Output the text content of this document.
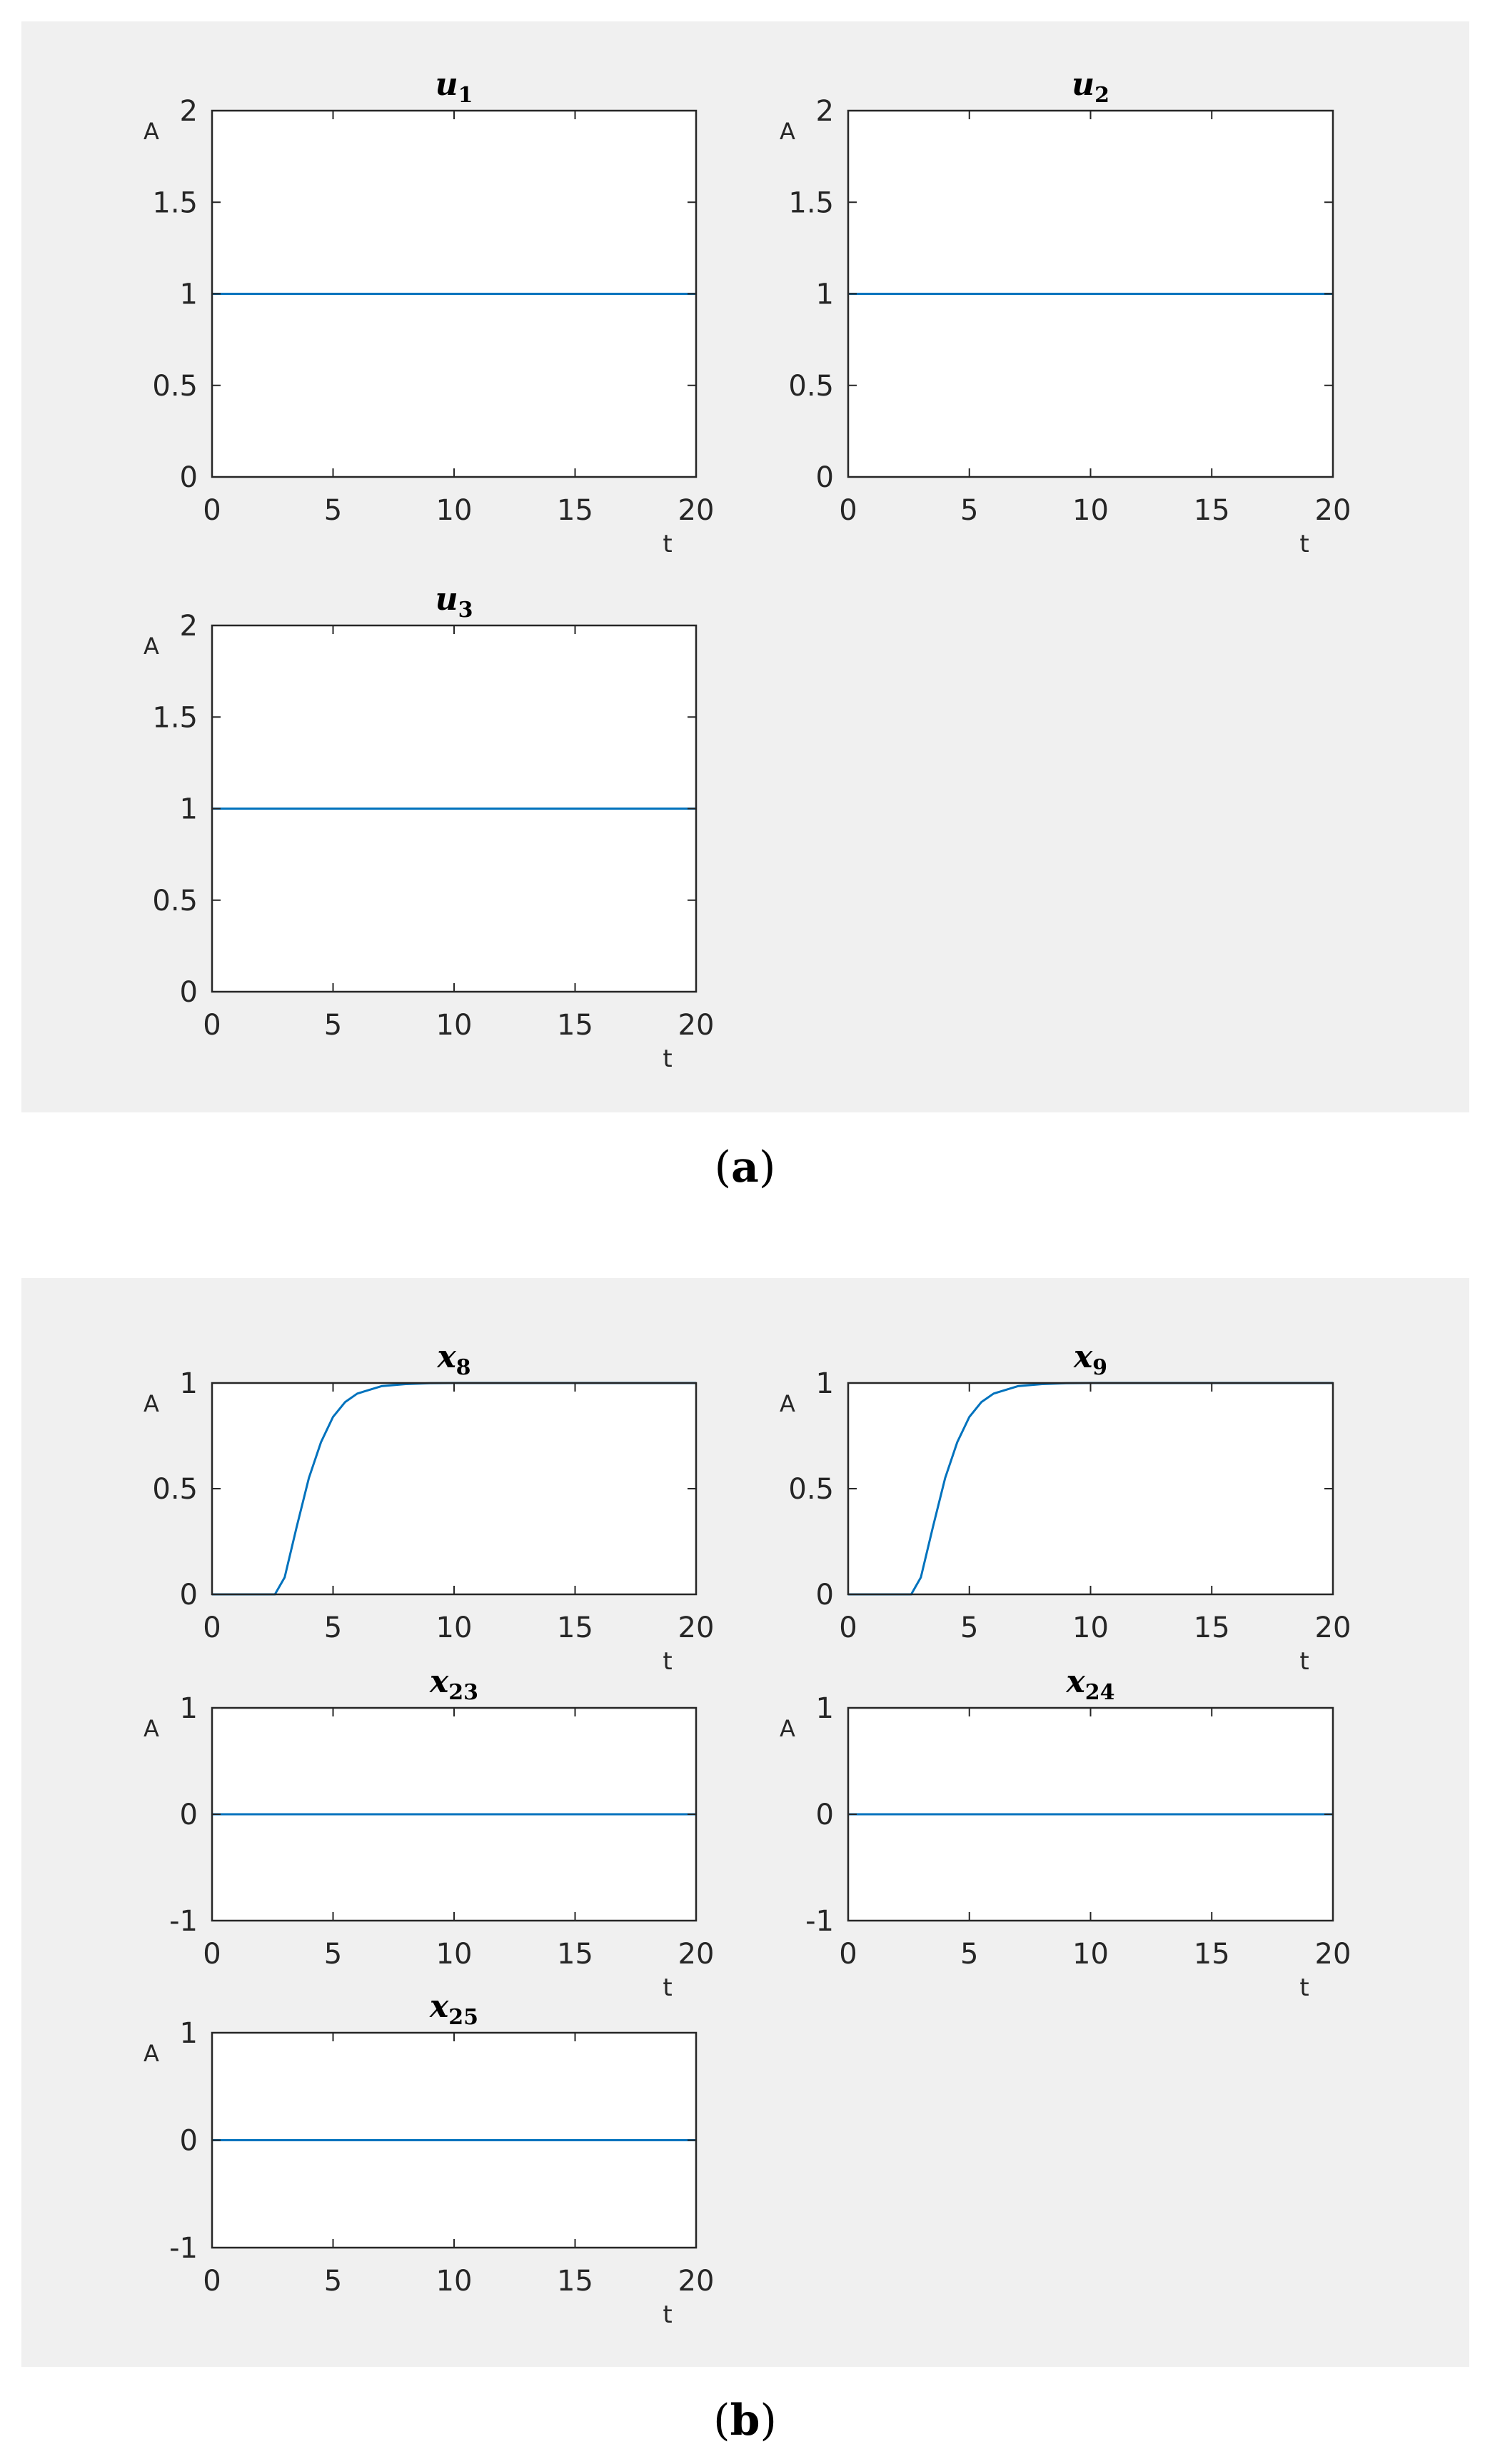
0	5	10	15	20
0
0.5
1
1.5
2
A
t
$u_1$
0	5	10	15	20
0
0.5
1
1.5
2
A
t
$u_2$
0	5	10	15	20
0
0.5
1
1.5
2
A
t
$u_3$
0	5	10	15	20
0
0.5
1
A
t
$x_8$
0	5	10	15	20
0
0.5
1
A
t
$x_9$
0	5	10	15	20
-1
0
1
A
t
$x_{23}$
0	5	10	15	20
-1
0
1
A
t
$x_{24}$
0	5	10	15	20
-1
0
1
A
t
$x_{25}$
(a)
(b)
